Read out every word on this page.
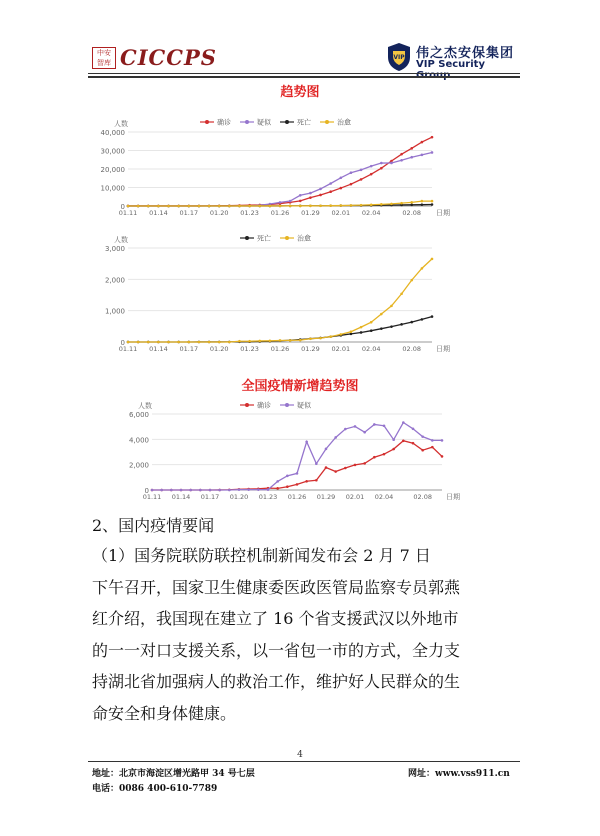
中安
智库 CICCPS	VIP 伟之杰安保集团
VIP Security Group
趋势图
40,000
30,000
20,000
10,000
0
人数
01.11 01.14 01.17 01.20 01.23 01.26 01.29 02.01 02.04	02.08 日期
确诊	疑似	死亡	治愈
3,000
2,000
1,000
0
人数
01.11 01.14 01.17 01.20 01.23 01.26 01.29 02.01 02.04	02.08 日期
死亡	治愈
全国疫情新增趋势图
6,000
4,000
2,000
0
人数
01.11 01.14 01.17 01.20 01.23 01.26 01.29 02.01 02.04	02.08 日期
确诊	疑似
2、国内疫情要闻
（1）国务院联防联控机制新闻发布会 2 月 7 日
下午召开，国家卫生健康委医政医管局监察专员郭燕
红介绍，我国现在建立了 16 个省支援武汉以外地市
的一一对口支援关系，以一省包一市的方式，全力支
持湖北省加强病人的救治工作，维护好人民群众的生
命安全和身体健康。
4
地址：北京市海淀区增光路甲 34 号七层
电话：0086 400-610-7789
网址：www.vss911.cn
